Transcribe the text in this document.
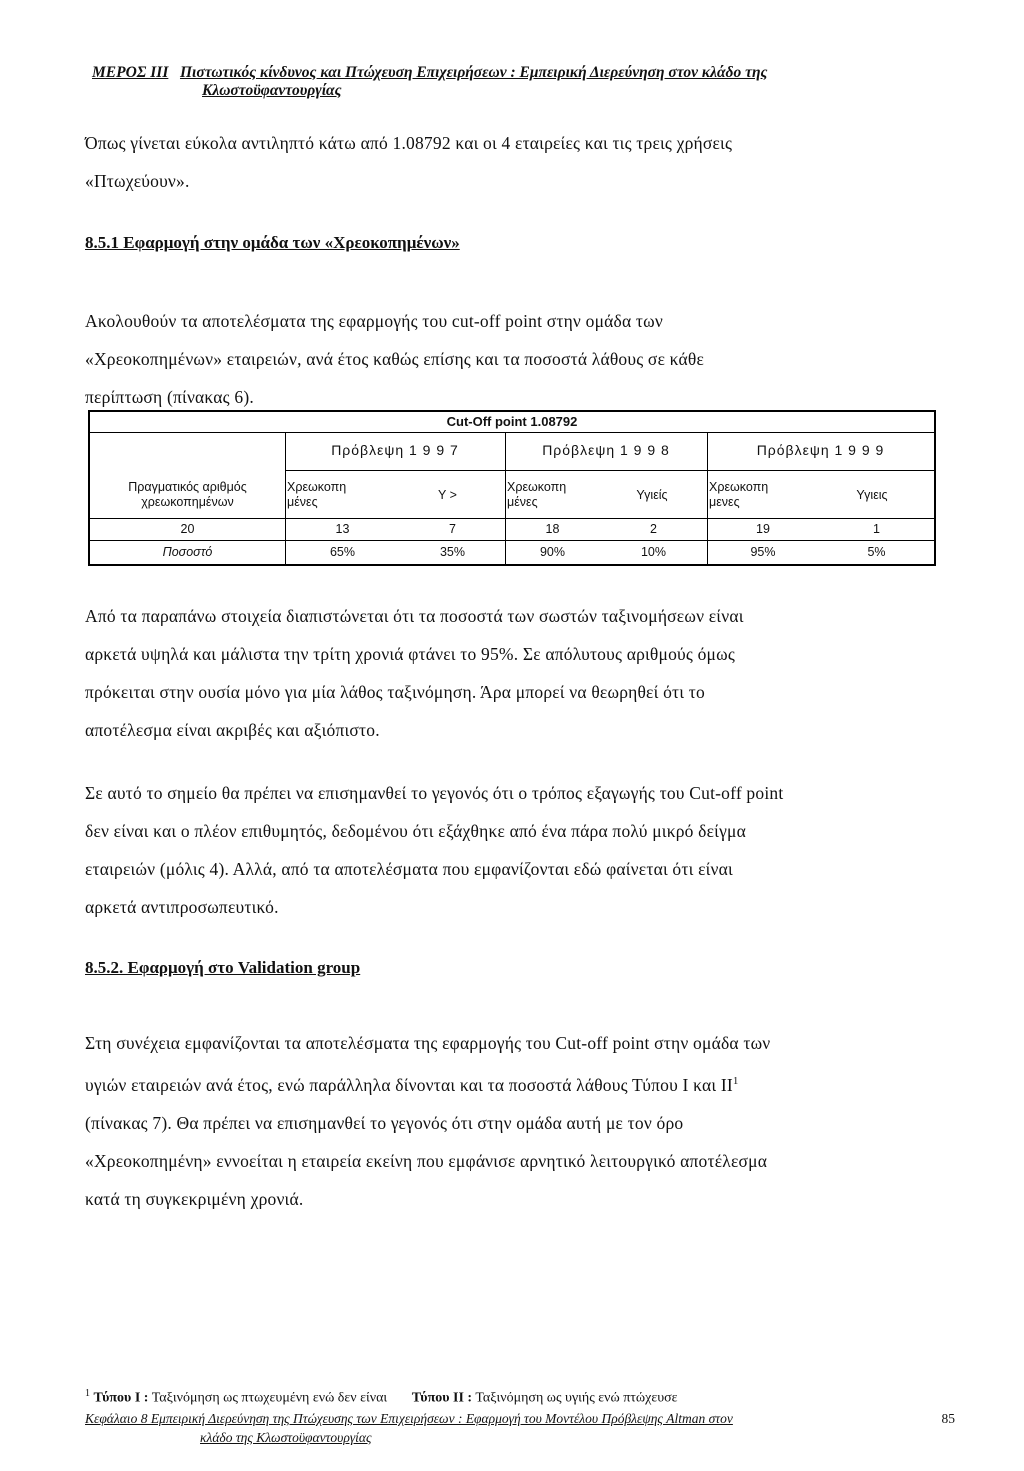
ΜΕΡΟΣ ΙΙΙ Πιστωτικός κίνδυνος και Πτώχευση Επιχειρήσεων : Εμπειρική Διερεύνηση στον κλάδο της
Κλωστοϋφαντουργίας
Όπως γίνεται εύκολα αντιληπτό κάτω από 1.08792 και οι 4 εταιρείες και τις τρεις χρήσεις
«Πτωχεύουν».
8.5.1 Εφαρμογή στην ομάδα των «Χρεοκοπημένων»
Ακολουθούν τα αποτελέσματα της εφαρμογής του cut-off point στην ομάδα των
«Χρεοκοπημένων» εταιρειών, ανά έτος καθώς επίσης και τα ποσοστά λάθους σε κάθε
περίπτωση (πίνακας 6).
Cut-Off point 1.08792
Πρόβλεψη 1 9 9 7	Πρόβλεψη 1 9 9 8	Πρόβλεψη 1 9 9 9
Πραγματικός αριθμός
χρεωκοπημένων
Χρεωκοπη
μένες	Υ >
Χρεωκοπη
μένες	Υγιείς
Χρεωκοπη
μενες	Υγιεις
20	13	7	18	2	19	1
Ποσοστό	65%	35%	90%	10%	95%	5%
Από τα παραπάνω στοιχεία διαπιστώνεται ότι τα ποσοστά των σωστών ταξινομήσεων είναι
αρκετά υψηλά και μάλιστα την τρίτη χρονιά φτάνει το 95%. Σε απόλυτους αριθμούς όμως
πρόκειται στην ουσία μόνο για μία λάθος ταξινόμηση. Άρα μπορεί να θεωρηθεί ότι το
αποτέλεσμα είναι ακριβές και αξιόπιστο.
Σε αυτό το σημείο θα πρέπει να επισημανθεί το γεγονός ότι ο τρόπος εξαγωγής του Cut-off point
δεν είναι και ο πλέον επιθυμητός, δεδομένου ότι εξάχθηκε από ένα πάρα πολύ μικρό δείγμα
εταιρειών (μόλις 4). Αλλά, από τα αποτελέσματα που εμφανίζονται εδώ φαίνεται ότι είναι
αρκετά αντιπροσωπευτικό.
8.5.2. Εφαρμογή στο Validation group
Στη συνέχεια εμφανίζονται τα αποτελέσματα της εφαρμογής του Cut-off point στην ομάδα των
υγιών εταιρειών ανά έτος, ενώ παράλληλα δίνονται και τα ποσοστά λάθους Τύπου Ι και $II^1$
(πίνακας 7). Θα πρέπει να επισημανθεί το γεγονός ότι στην ομάδα αυτή με τον όρο
«Χρεοκοπημένη» εννοείται η εταιρεία εκείνη που εμφάνισε αρνητικό λειτουργικό αποτέλεσμα
κατά τη συγκεκριμένη χρονιά.
$^1$ Τύπου Ι : Ταξινόμηση ως πτωχευμένη ενώ δεν είναι Τύπου ΙΙ : Ταξινόμηση ως υγιής ενώ πτώχευσε
Κεφάλαιο 8 Εμπειρική Διερεύνηση της Πτώχευσης των Επιχειρήσεων : Εφαρμογή του Μοντέλου Πρόβλεψης Altman στον	85
κλάδο της Κλωστοϋφαντουργίας
